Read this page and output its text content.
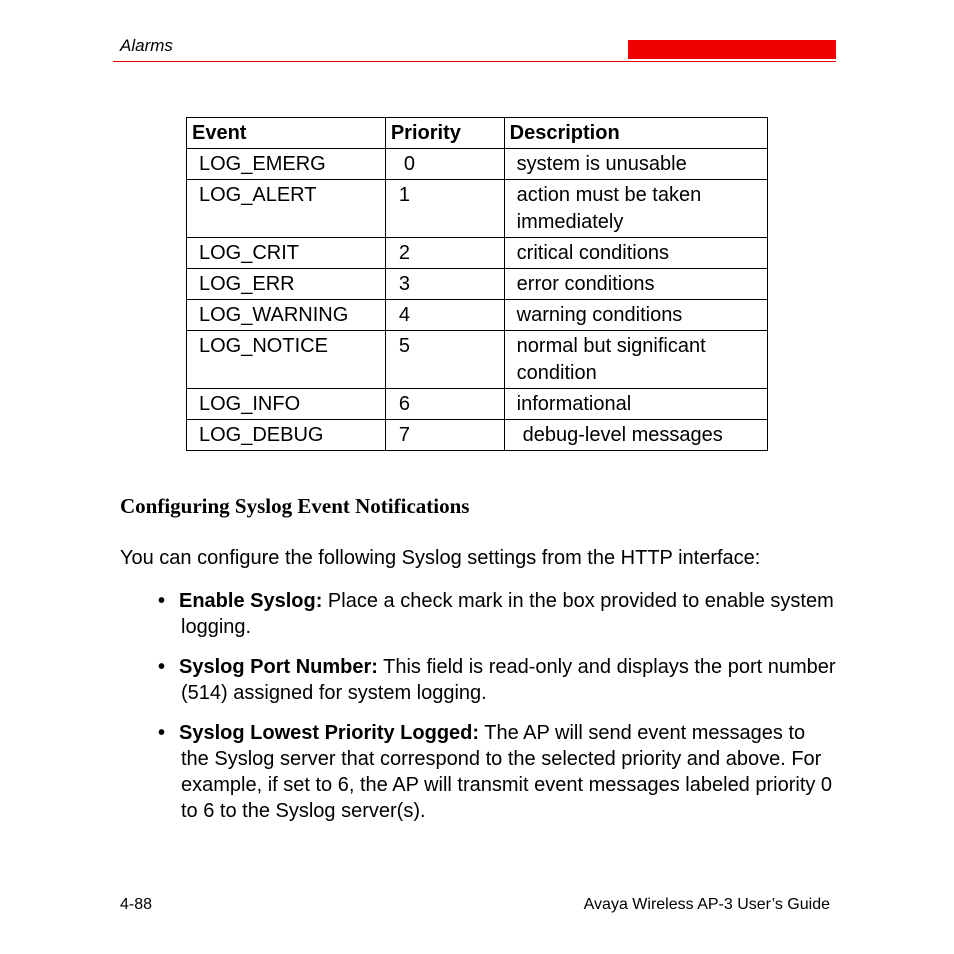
Alarms
Event	Priority	Description
LOG_EMERG	0	system is unusable
LOG_ALERT	1	action must be taken immediately
LOG_CRIT	2	critical conditions
LOG_ERR	3	error conditions
LOG_WARNING	4	warning conditions
LOG_NOTICE	5	normal but significant condition
LOG_INFO	6	informational
LOG_DEBUG	7	debug-level messages
Configuring Syslog Event Notifications
You can configure the following Syslog settings from the HTTP interface:
• Enable Syslog: Place a check mark in the box provided to enable system logging.
• Syslog Port Number: This field is read-only and displays the port number (514) assigned for system logging.
• Syslog Lowest Priority Logged: The AP will send event messages to the Syslog server that correspond to the selected priority and above. For example, if set to 6, the AP will transmit event messages labeled priority 0 to 6 to the Syslog server(s).
4-88	Avaya Wireless AP-3 User’s Guide
